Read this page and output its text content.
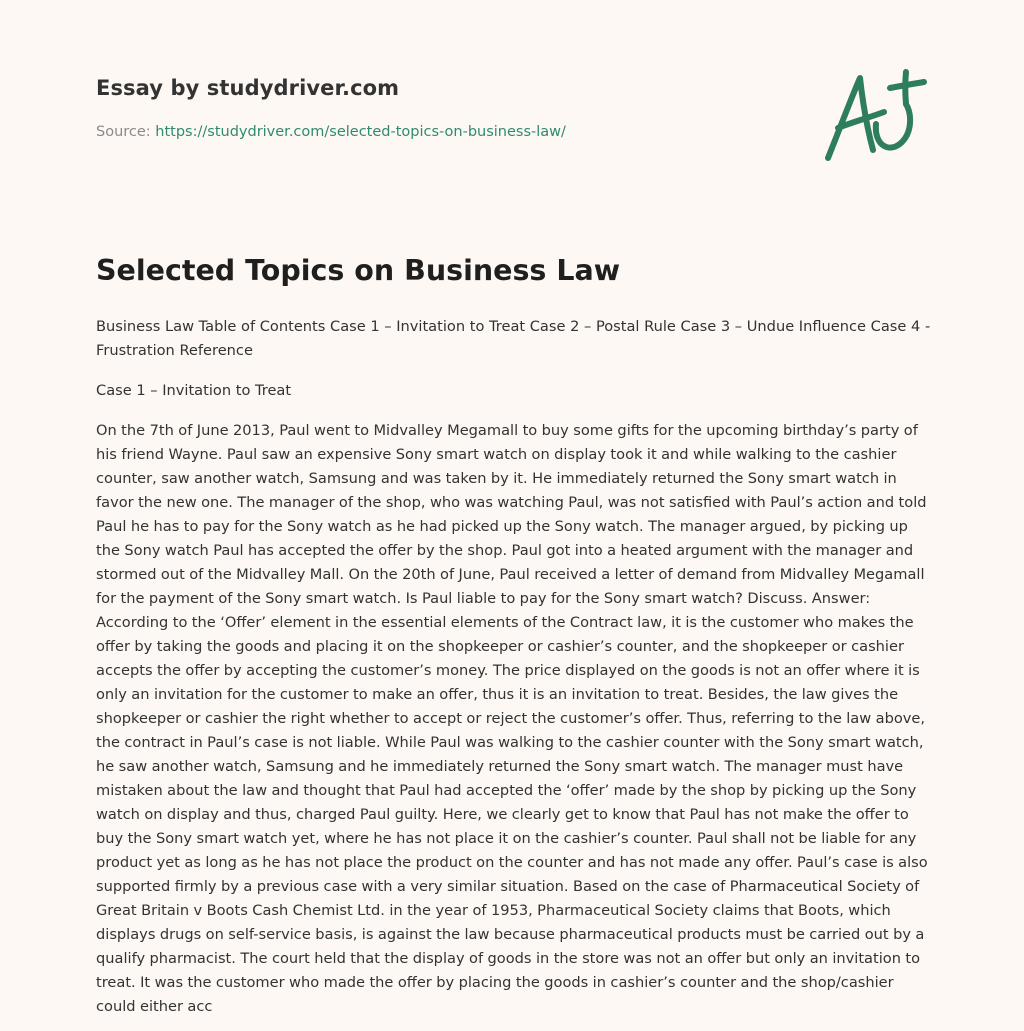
Essay by studydriver.com
Source: https://studydriver.com/selected-topics-on-business-law/
Selected Topics on Business Law

Business Law Table of Contents Case 1 – Invitation to Treat Case 2 – Postal Rule Case 3 – Undue Influence Case 4 - Frustration Reference

Case 1 – Invitation to Treat

On the 7th of June 2013, Paul went to Midvalley Megamall to buy some gifts for the upcoming birthday’s party of his friend Wayne. Paul saw an expensive Sony smart watch on display took it and while walking to the cashier counter, saw another watch, Samsung and was taken by it. He immediately returned the Sony smart watch in favor the new one. The manager of the shop, who was watching Paul, was not satisfied with Paul’s action and told Paul he has to pay for the Sony watch as he had picked up the Sony watch. The manager argued, by picking up the Sony watch Paul has accepted the offer by the shop. Paul got into a heated argument with the manager and stormed out of the Midvalley Mall. On the 20th of June, Paul received a letter of demand from Midvalley Megamall for the payment of the Sony smart watch. Is Paul liable to pay for the Sony smart watch? Discuss. Answer: According to the ‘Offer’ element in the essential elements of the Contract law, it is the customer who makes the offer by taking the goods and placing it on the shopkeeper or cashier’s counter, and the shopkeeper or cashier accepts the offer by accepting the customer’s money. The price displayed on the goods is not an offer where it is only an invitation for the customer to make an offer, thus it is an invitation to treat. Besides, the law gives the shopkeeper or cashier the right whether to accept or reject the customer’s offer. Thus, referring to the law above, the contract in Paul’s case is not liable. While Paul was walking to the cashier counter with the Sony smart watch, he saw another watch, Samsung and he immediately returned the Sony smart watch. The manager must have mistaken about the law and thought that Paul had accepted the ‘offer’ made by the shop by picking up the Sony watch on display and thus, charged Paul guilty. Here, we clearly get to know that Paul has not make the offer to buy the Sony smart watch yet, where he has not place it on the cashier’s counter. Paul shall not be liable for any product yet as long as he has not place the product on the counter and has not made any offer. Paul’s case is also supported firmly by a previous case with a very similar situation. Based on the case of Pharmaceutical Society of Great Britain v Boots Cash Chemist Ltd. in the year of 1953, Pharmaceutical Society claims that Boots, which displays drugs on self-service basis, is against the law because pharmaceutical products must be carried out by a qualify pharmacist. The court held that the display of goods in the store was not an offer but only an invitation to treat. It was the customer who made the offer by placing the goods in cashier’s counter and the shop/cashier could either acc
